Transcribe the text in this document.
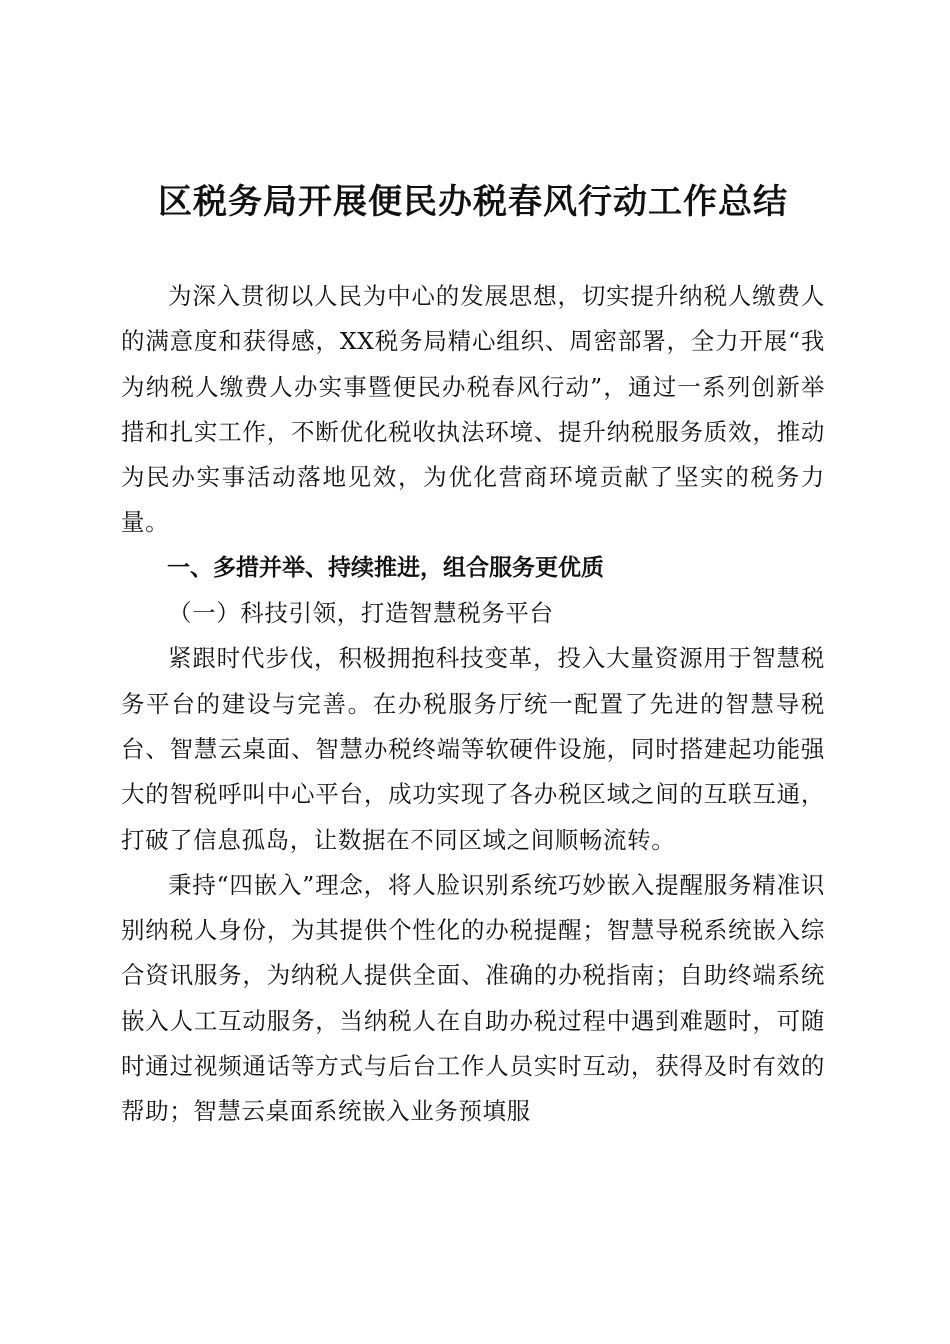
区税务局开展便民办税春风行动工作总结

为深入贯彻以人民为中心的发展思想，切实提升纳税人缴费人的满意度和获得感，XX税务局精心组织、周密部署，全力开展“我为纳税人缴费人办实事暨便民办税春风行动”，通过一系列创新举措和扎实工作，不断优化税收执法环境、提升纳税服务质效，推动为民办实事活动落地见效，为优化营商环境贡献了坚实的税务力量。

一、多措并举、持续推进，组合服务更优质

（一）科技引领，打造智慧税务平台

紧跟时代步伐，积极拥抱科技变革，投入大量资源用于智慧税务平台的建设与完善。在办税服务厅统一配置了先进的智慧导税台、智慧云桌面、智慧办税终端等软硬件设施，同时搭建起功能强大的智税呼叫中心平台，成功实现了各办税区域之间的互联互通，打破了信息孤岛，让数据在不同区域之间顺畅流转。

秉持“四嵌入”理念，将人脸识别系统巧妙嵌入提醒服务精准识别纳税人身份，为其提供个性化的办税提醒；智慧导税系统嵌入综合资讯服务，为纳税人提供全面、准确的办税指南；自助终端系统嵌入人工互动服务，当纳税人在自助办税过程中遇到难题时，可随时通过视频通话等方式与后台工作人员实时互动，获得及时有效的帮助；智慧云桌面系统嵌入业务预填服
